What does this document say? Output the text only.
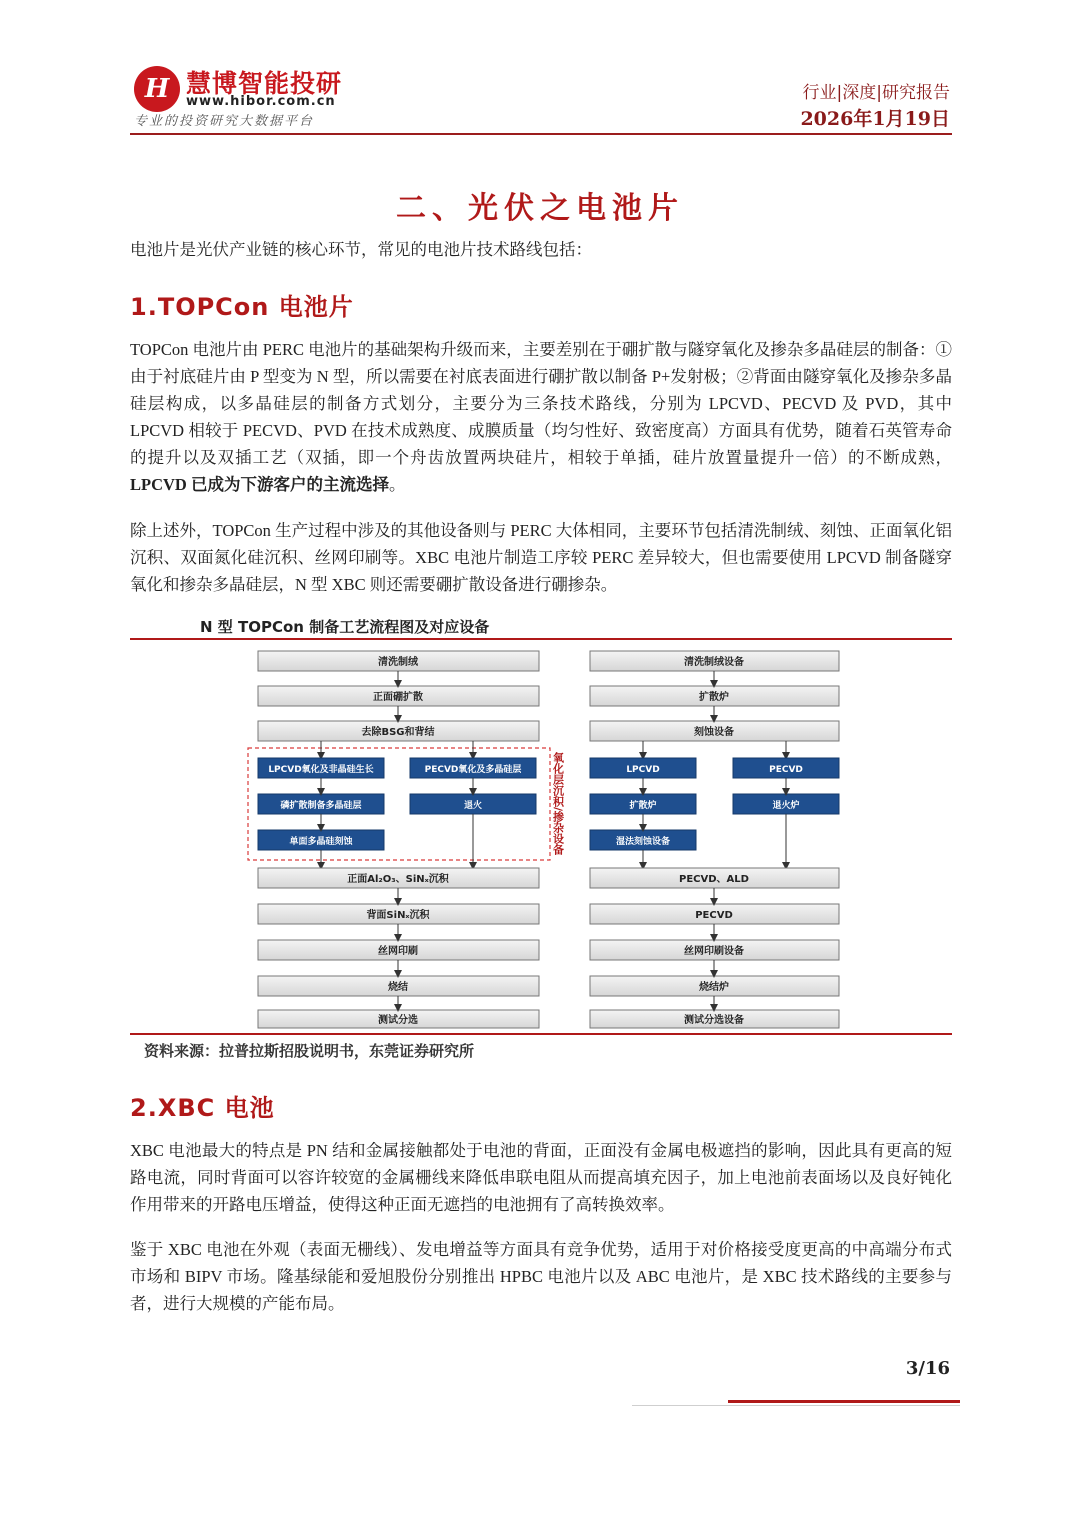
H 慧博智能投研
www.hibor.com.cn
专业的投资研究大数据平台
行业|深度|研究报告
2026年1月19日
二、光伏之电池片
电池片是光伏产业链的核心环节，常见的电池片技术路线包括：
1.TOPCon 电池片
TOPCon 电池片由 PERC 电池片的基础架构升级而来，主要差别在于硼扩散与隧穿氧化及掺杂多晶硅层的制备：①由于衬底硅片由 P 型变为 N 型，所以需要在衬底表面进行硼扩散以制备 P+发射极；②背面由隧穿氧化及掺杂多晶硅层构成，以多晶硅层的制备方式划分，主要分为三条技术路线，分别为 LPCVD、PECVD 及 PVD，其中 LPCVD 相较于 PECVD、PVD 在技术成熟度、成膜质量（均匀性好、致密度高）方面具有优势，随着石英管寿命的提升以及双插工艺（双插，即一个舟齿放置两块硅片，相较于单插，硅片放置量提升一倍）的不断成熟，LPCVD 已成为下游客户的主流选择。
除上述外，TOPCon 生产过程中涉及的其他设备则与 PERC 大体相同，主要环节包括清洗制绒、刻蚀、正面氧化铝沉积、双面氮化硅沉积、丝网印刷等。XBC 电池片制造工序较 PERC 差异较大，但也需要使用 LPCVD 制备隧穿氧化和掺杂多晶硅层，N 型 XBC 则还需要硼扩散设备进行硼掺杂。
N 型 TOPCon 制备工艺流程图及对应设备
氧化层沉积/掺杂设备
清洗制绒
正面硼扩散
去除BSG和背结
LPCVD氧化及非晶硅生长
磷扩散制备多晶硅层
单面多晶硅刻蚀
PECVD氧化及多晶硅层
退火
正面Al₂O₃、SiNₓ沉积
背面SiNₓ沉积
丝网印刷
烧结
测试分选
清洗制绒设备
扩散炉
刻蚀设备
LPCVD
扩散炉
湿法刻蚀设备
PECVD
退火炉
PECVD、ALD
PECVD
丝网印刷设备
烧结炉
测试分选设备
资料来源：拉普拉斯招股说明书，东莞证券研究所
2.XBC 电池
XBC 电池最大的特点是 PN 结和金属接触都处于电池的背面，正面没有金属电极遮挡的影响，因此具有更高的短路电流，同时背面可以容许较宽的金属栅线来降低串联电阻从而提高填充因子，加上电池前表面场以及良好钝化作用带来的开路电压增益，使得这种正面无遮挡的电池拥有了高转换效率。
鉴于 XBC 电池在外观（表面无栅线）、发电增益等方面具有竞争优势，适用于对价格接受度更高的中高端分布式市场和 BIPV 市场。隆基绿能和爱旭股份分别推出 HPBC 电池片以及 ABC 电池片，是 XBC 技术路线的主要参与者，进行大规模的产能布局。
3/16
